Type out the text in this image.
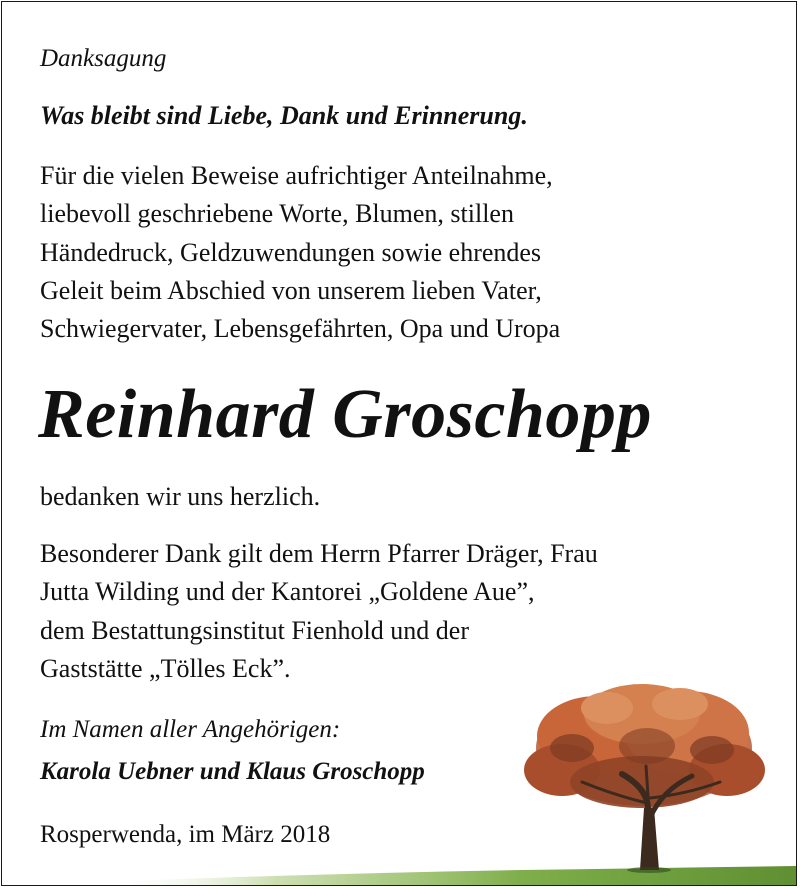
Danksagung
Was bleibt sind Liebe, Dank und Erinnerung.
Für die vielen Beweise aufrichtiger Anteilnahme,
liebevoll geschriebene Worte, Blumen, stillen
Händedruck, Geldzuwendungen sowie ehrendes
Geleit beim Abschied von unserem lieben Vater,
Schwiegervater, Lebensgefährten, Opa und Uropa
Reinhard Groschopp
bedanken wir uns herzlich.
Besonderer Dank gilt dem Herrn Pfarrer Dräger, Frau
Jutta Wilding und der Kantorei „Goldene Aue”,
dem Bestattungsinstitut Fienhold und der
Gaststätte „Tölles Eck”.
Im Namen aller Angehörigen:
Karola Uebner und Klaus Groschopp
Rosperwenda, im März 2018
